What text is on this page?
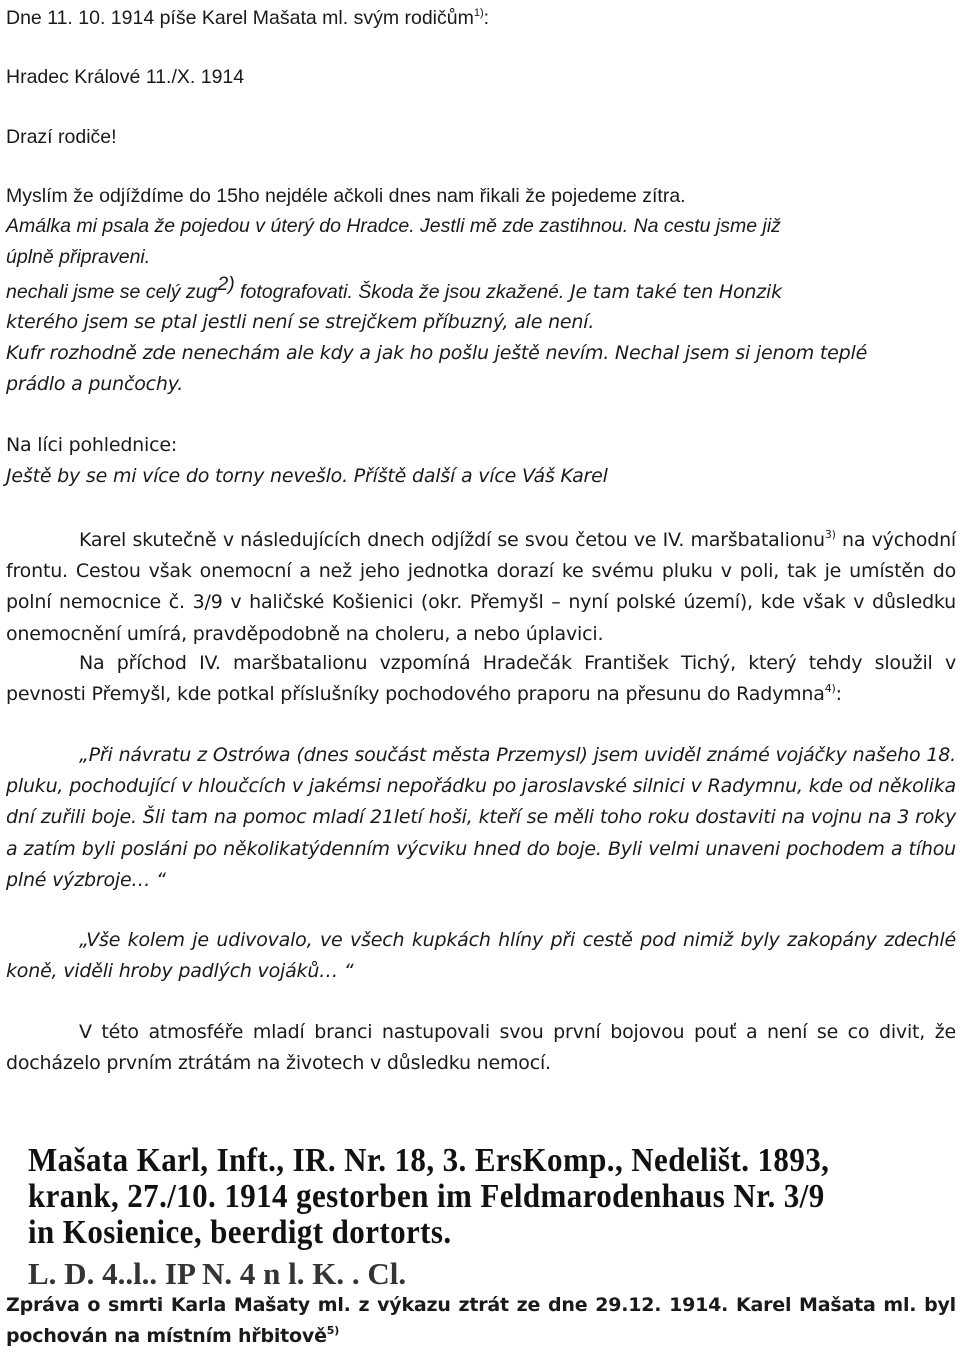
Dne 11. 10. 1914 píše Karel Mašata ml. svým rodičům$^{1)}$:
Hradec Králové 11./X. 1914
Drazí rodiče!
Myslím že odjíždíme do 15ho nejdéle ačkoli dnes nam řikali že pojedeme zítra.
Amálka mi psala že pojedou v úterý do Hradce. Jestli mě zde zastihnou. Na cestu jsme již
úplně připraveni.
nechali jsme se celý zug$^{2)}$ fotografovati. Škoda že jsou zkažené. Je tam také ten Honzik
kterého jsem se ptal jestli není se strejčkem příbuzný, ale není.
Kufr rozhodně zde nenechám ale kdy a jak ho pošlu ještě nevím. Nechal jsem si jenom teplé
prádlo a punčochy.
Na líci pohlednice:
Ještě by se mi více do torny nevešlo. Příště další a více Váš Karel
Karel skutečně v následujících dnech odjíždí se svou četou ve IV. maršbatalionu$^{3)}$ na východní frontu. Cestou však onemocní a než jeho jednotka dorazí ke svému pluku v poli, tak je umístěn do polní nemocnice č. 3/9 v haličské Košienici (okr. Přemyšl – nyní polské území), kde však v důsledku onemocnění umírá, pravděpodobně na choleru, a nebo úplavici.
Na příchod IV. maršbatalionu vzpomíná Hradečák František Tichý, který tehdy sloužil v pevnosti Přemyšl, kde potkal příslušníky pochodového praporu na přesunu do Radymna$^{4)}$:
„Při návratu z Ostrówa (dnes součást města Przemysl) jsem uviděl známé vojáčky našeho 18. pluku, pochodující v hloučcích v jakémsi nepořádku po jaroslavské silnici v Radymnu, kde od několika dní zuřili boje. Šli tam na pomoc mladí 21letí hoši, kteří se měli toho roku dostaviti na vojnu na 3 roky a zatím byli posláni po několikatýdenním výcviku hned do boje. Byli velmi unaveni pochodem a tíhou plné výzbroje… “
„Vše kolem je udivovalo, ve všech kupkách hlíny při cestě pod nimiž byly zakopány zdechlé koně, viděli hroby padlých vojáků… “
V této atmosféře mladí branci nastupovali svou první bojovou pouť a není se co divit, že docházelo prvním ztrátám na životech v důsledku nemocí.
Mašata Karl, Inft., IR. Nr. 18, 3. ErsKomp., Nedelišt. 1893,
krank, 27./10. 1914 gestorben im Feldmarodenhaus Nr. 3/9
in Kosienice, beerdigt dortorts.
L. D. 4..l.. IP N. 4 n l. K. . Cl.
Zpráva o smrti Karla Mašaty ml. z výkazu ztrát ze dne 29.12. 1914. Karel Mašata ml. byl pochován na místním hřbitově$^{5)}$
